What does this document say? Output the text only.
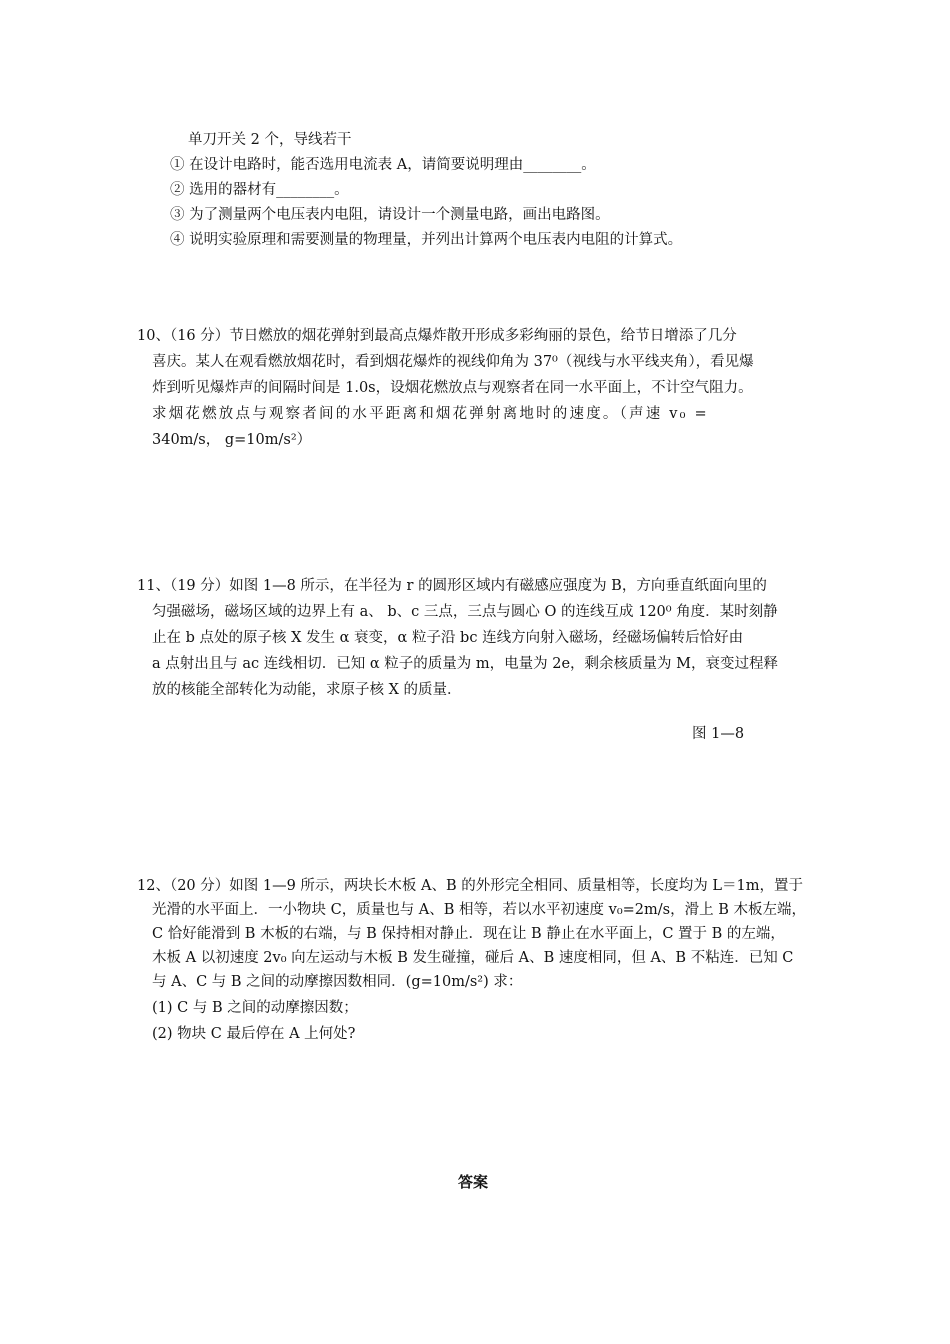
单刀开关 2 个，导线若干
① 在设计电路时，能否选用电流表 A，请简要说明理由________。
② 选用的器材有________。
③ 为了测量两个电压表内电阻，请设计一个测量电路，画出电路图。
④ 说明实验原理和需要测量的物理量，并列出计算两个电压表内电阻的计算式。
10、（16 分）节日燃放的烟花弹射到最高点爆炸散开形成多彩绚丽的景色，给节日增添了几分
喜庆。某人在观看燃放烟花时，看到烟花爆炸的视线仰角为 37⁰（视线与水平线夹角），看见爆
炸到听见爆炸声的间隔时间是 1.0s，设烟花燃放点与观察者在同一水平面上，不计空气阻力。
求烟花燃放点与观察者间的水平距离和烟花弹射离地时的速度。（声速 v₀ =
340m/s， g=10m/s²）
11、（19 分）如图 1—8 所示，在半径为 r 的圆形区域内有磁感应强度为 B，方向垂直纸面向里的
匀强磁场，磁场区域的边界上有 a、 b、c 三点，三点与圆心 O 的连线互成 120⁰ 角度．某时刻静
止在 b 点处的原子核 X 发生 α 衰变，α 粒子沿 bc 连线方向射入磁场，经磁场偏转后恰好由
a 点射出且与 ac 连线相切．已知 α 粒子的质量为 m，电量为 2e，剩余核质量为 M，衰变过程释
放的核能全部转化为动能，求原子核 X 的质量．
图 1—8
12、（20 分）如图 1—9 所示，两块长木板 A、B 的外形完全相同、质量相等，长度均为 L＝1m，置于
光滑的水平面上．一小物块 C，质量也与 A、B 相等，若以水平初速度 v₀=2m/s，滑上 B 木板左端，
C 恰好能滑到 B 木板的右端，与 B 保持相对静止．现在让 B 静止在水平面上，C 置于 B 的左端，
木板 A 以初速度 2v₀ 向左运动与木板 B 发生碰撞，碰后 A、B 速度相同，但 A、B 不粘连．已知 C
与 A、C 与 B 之间的动摩擦因数相同．(g=10m/s²) 求：
(1) C 与 B 之间的动摩擦因数；
(2) 物块 C 最后停在 A 上何处?
答案
